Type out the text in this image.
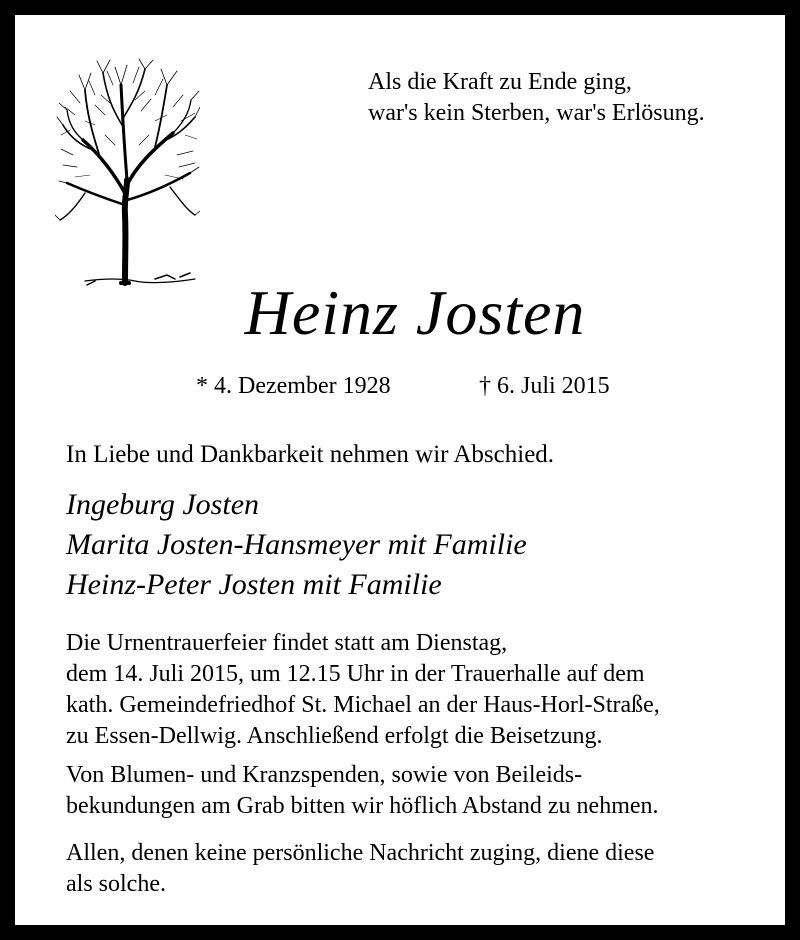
Als die Kraft zu Ende ging,
war's kein Sterben, war's Erlösung.
Heinz Josten
* 4. Dezember 1928	† 6. Juli 2015
In Liebe und Dankbarkeit nehmen wir Abschied.
Ingeburg Josten
Marita Josten-Hansmeyer mit Familie
Heinz-Peter Josten mit Familie
Die Urnentrauerfeier findet statt am Dienstag,
dem 14. Juli 2015, um 12.15 Uhr in der Trauerhalle auf dem
kath. Gemeindefriedhof St. Michael an der Haus-Horl-Straße,
zu Essen-Dellwig. Anschließend erfolgt die Beisetzung.
Von Blumen- und Kranzspenden, sowie von Beileids-
bekundungen am Grab bitten wir höflich Abstand zu nehmen.
Allen, denen keine persönliche Nachricht zuging, diene diese
als solche.
